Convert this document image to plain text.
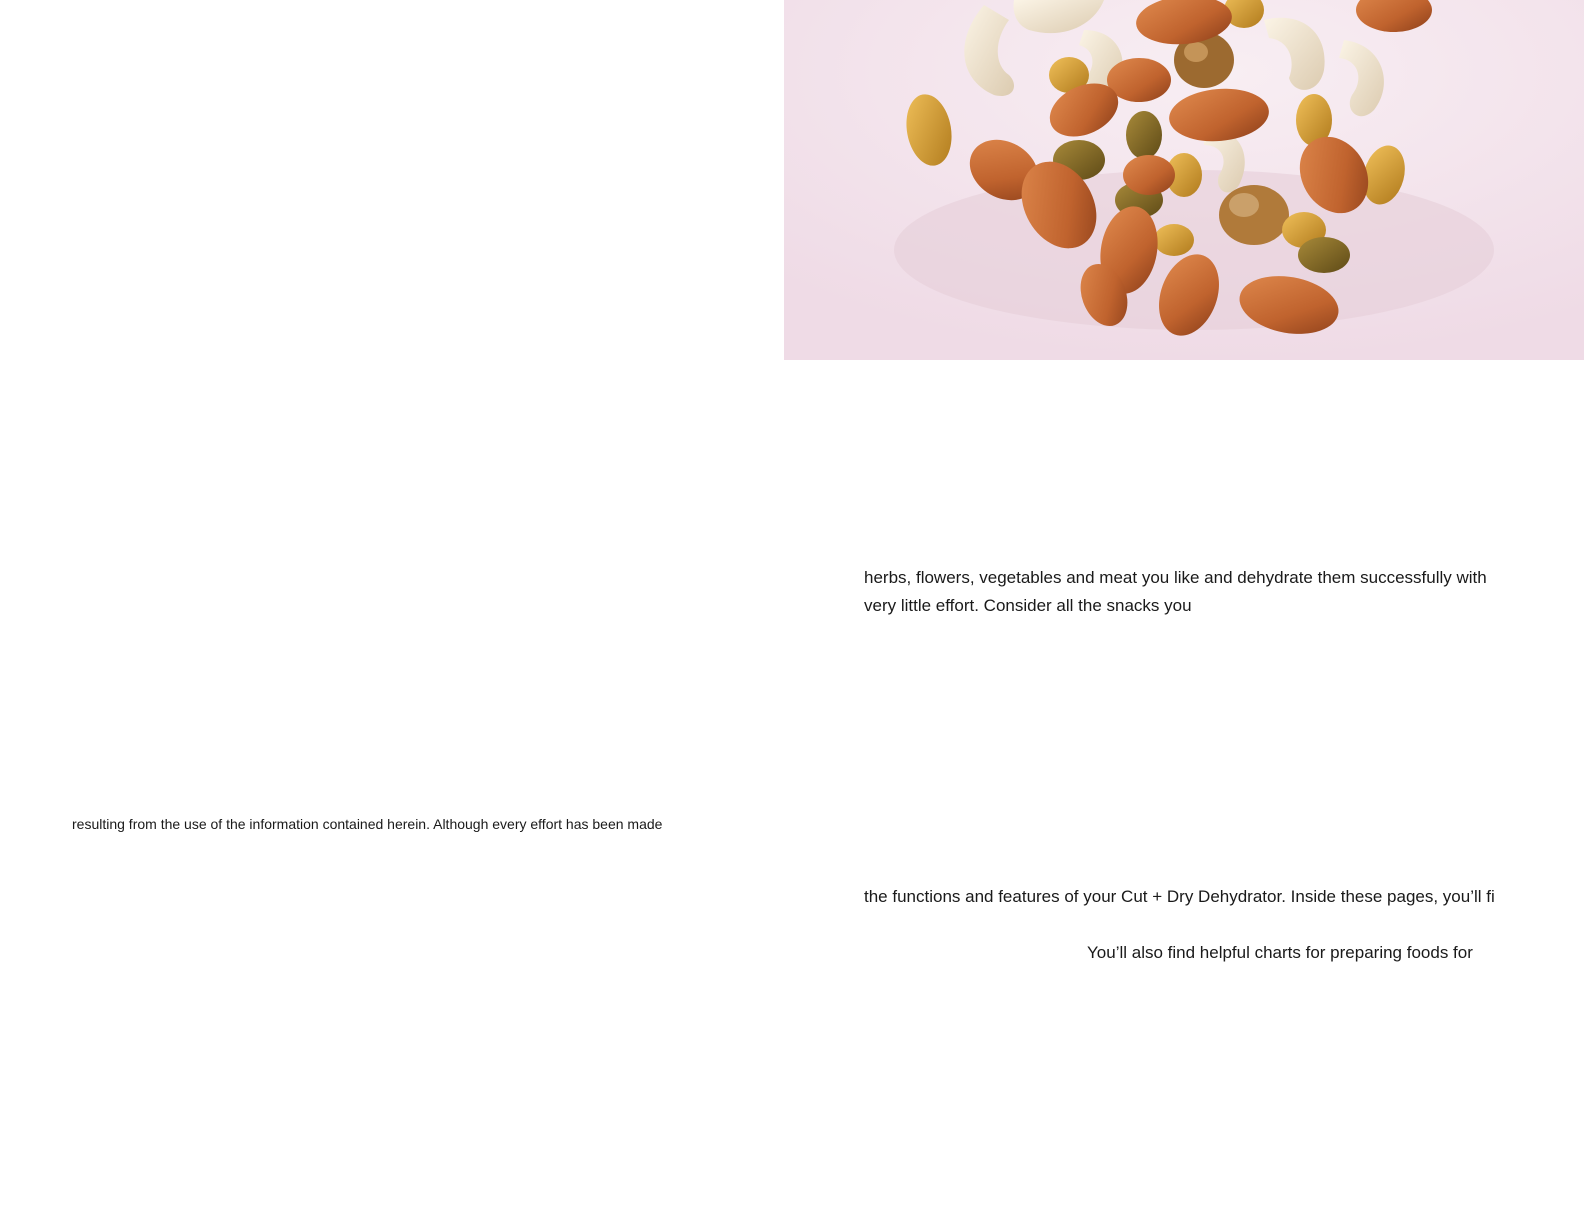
herbs, flowers, vegetables and meat you like and dehydrate them successfully with
very little effort. Consider all the snacks you

resulting from the use of the information contained herein. Although every effort has been made

the functions and features of your Cut + Dry Dehydrator. Inside these pages, you’ll fi

You’ll also find helpful charts for preparing foods for
